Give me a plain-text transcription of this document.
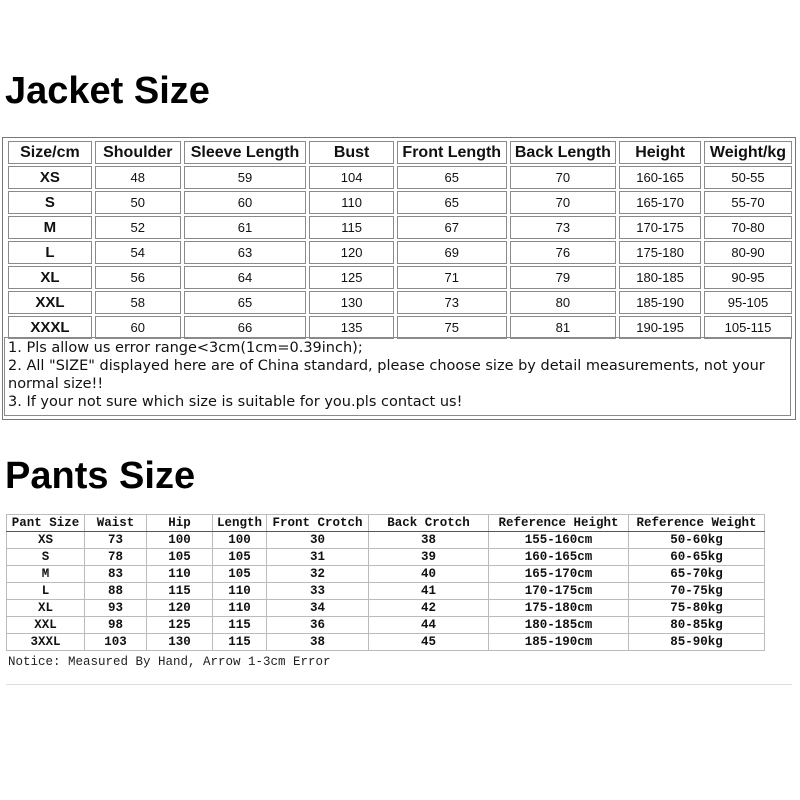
Jacket Size
Size/cm	Shoulder	Sleeve Length	Bust	Front Length	Back Length	Height	Weight/kg
XS	48	59	104	65	70	160-165	50-55
S	50	60	110	65	70	165-170	55-70
M	52	61	115	67	73	170-175	70-80
L	54	63	120	69	76	175-180	80-90
XL	56	64	125	71	79	180-185	90-95
XXL	58	65	130	73	80	185-190	95-105
XXXL	60	66	135	75	81	190-195	105-115
1. Pls allow us error range<3cm(1cm=0.39inch);
2. All "SIZE" displayed here are of China standard, please choose size by detail measurements, not your normal size!!
3. If your not sure which size is suitable for you.pls contact us!
Pants Size
Pant Size	Waist	Hip	Length	Front Crotch	Back Crotch	Reference Height	Reference Weight
XS	73	100	100	30	38	155-160cm	50-60kg
S	78	105	105	31	39	160-165cm	60-65kg
M	83	110	105	32	40	165-170cm	65-70kg
L	88	115	110	33	41	170-175cm	70-75kg
XL	93	120	110	34	42	175-180cm	75-80kg
XXL	98	125	115	36	44	180-185cm	80-85kg
3XXL	103	130	115	38	45	185-190cm	85-90kg
Notice: Measured By Hand, Arrow 1-3cm Error
